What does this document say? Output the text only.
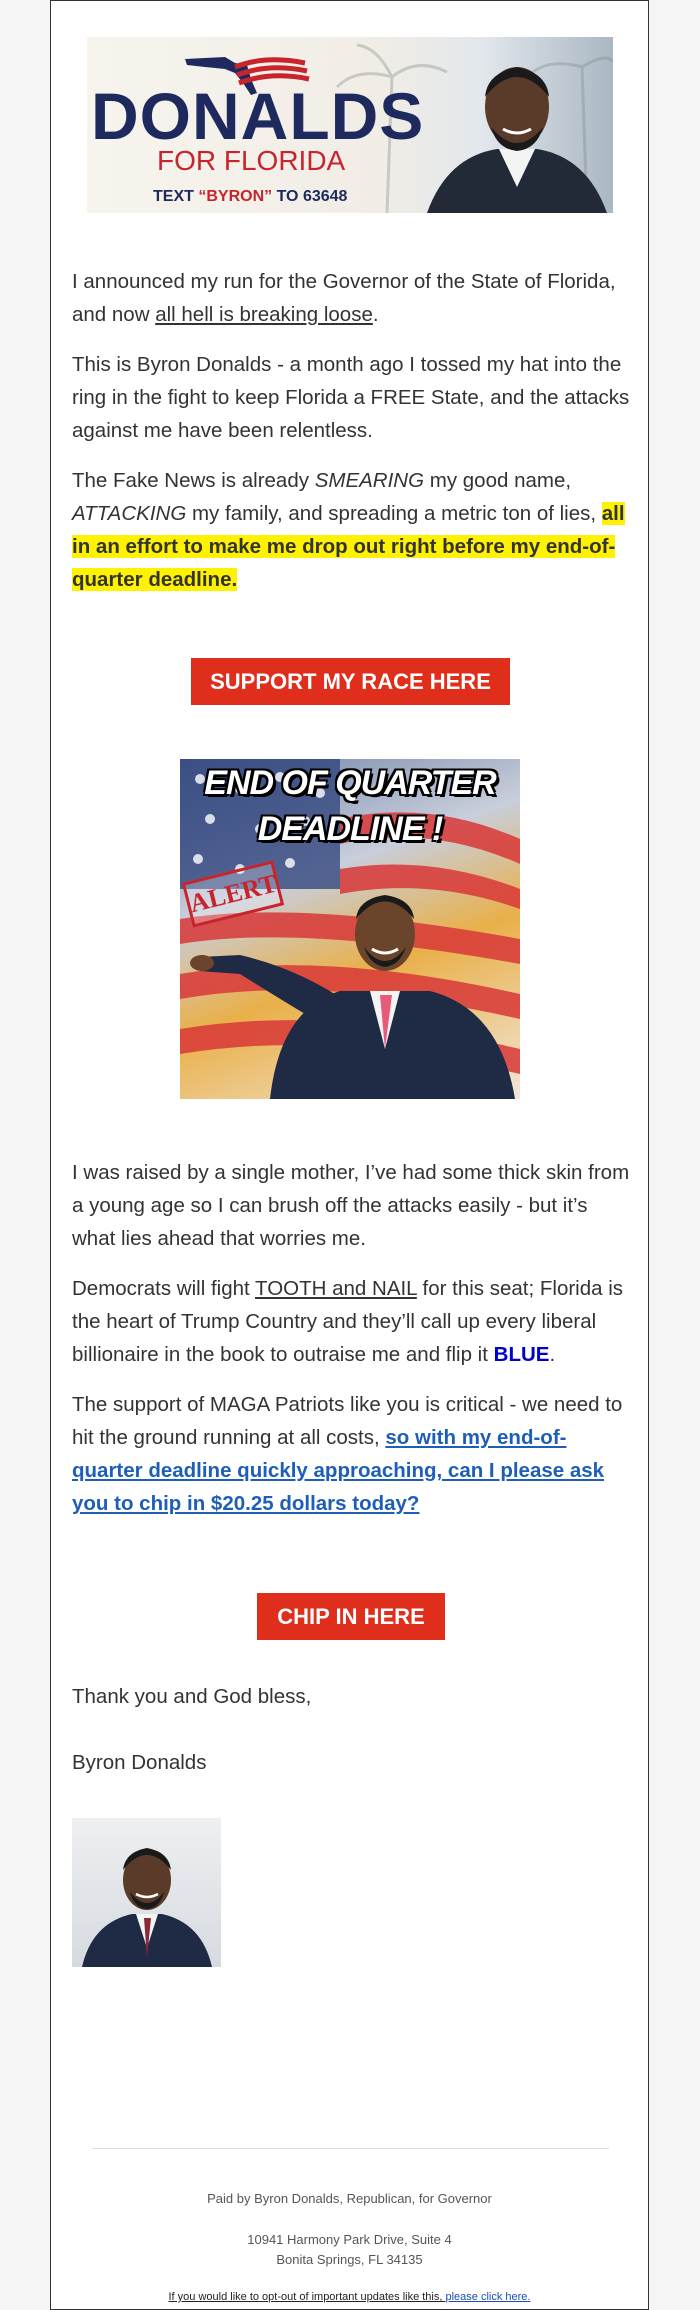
DONALDS
FOR FLORIDA
TEXT “BYRON” TO 63648

I announced my run for the Governor of the State of Florida, and now all hell is breaking loose.

This is Byron Donalds - a month ago I tossed my hat into the ring in the fight to keep Florida a FREE State, and the attacks against me have been relentless.

The Fake News is already SMEARING my good name, ATTACKING my family, and spreading a metric ton of lies, all in an effort to make me drop out right before my end-of-quarter deadline.

SUPPORT MY RACE HERE
END OF QUARTER
DEADLINE !
ALERT

I was raised by a single mother, I’ve had some thick skin from a young age so I can brush off the attacks easily - but it’s what lies ahead that worries me.

Democrats will fight TOOTH and NAIL for this seat; Florida is the heart of Trump Country and they’ll call up every liberal billionaire in the book to outraise me and flip it BLUE.

The support of MAGA Patriots like you is critical - we need to hit the ground running at all costs, so with my end-of-quarter deadline quickly approaching, can I please ask you to chip in $20.25 dollars today?

CHIP IN HERE
Thank you and God bless,
Byron Donalds
Paid by Byron Donalds, Republican, for Governor
10941 Harmony Park Drive, Suite 4
Bonita Springs, FL 34135
If you would like to opt-out of important updates like this, please click here.
